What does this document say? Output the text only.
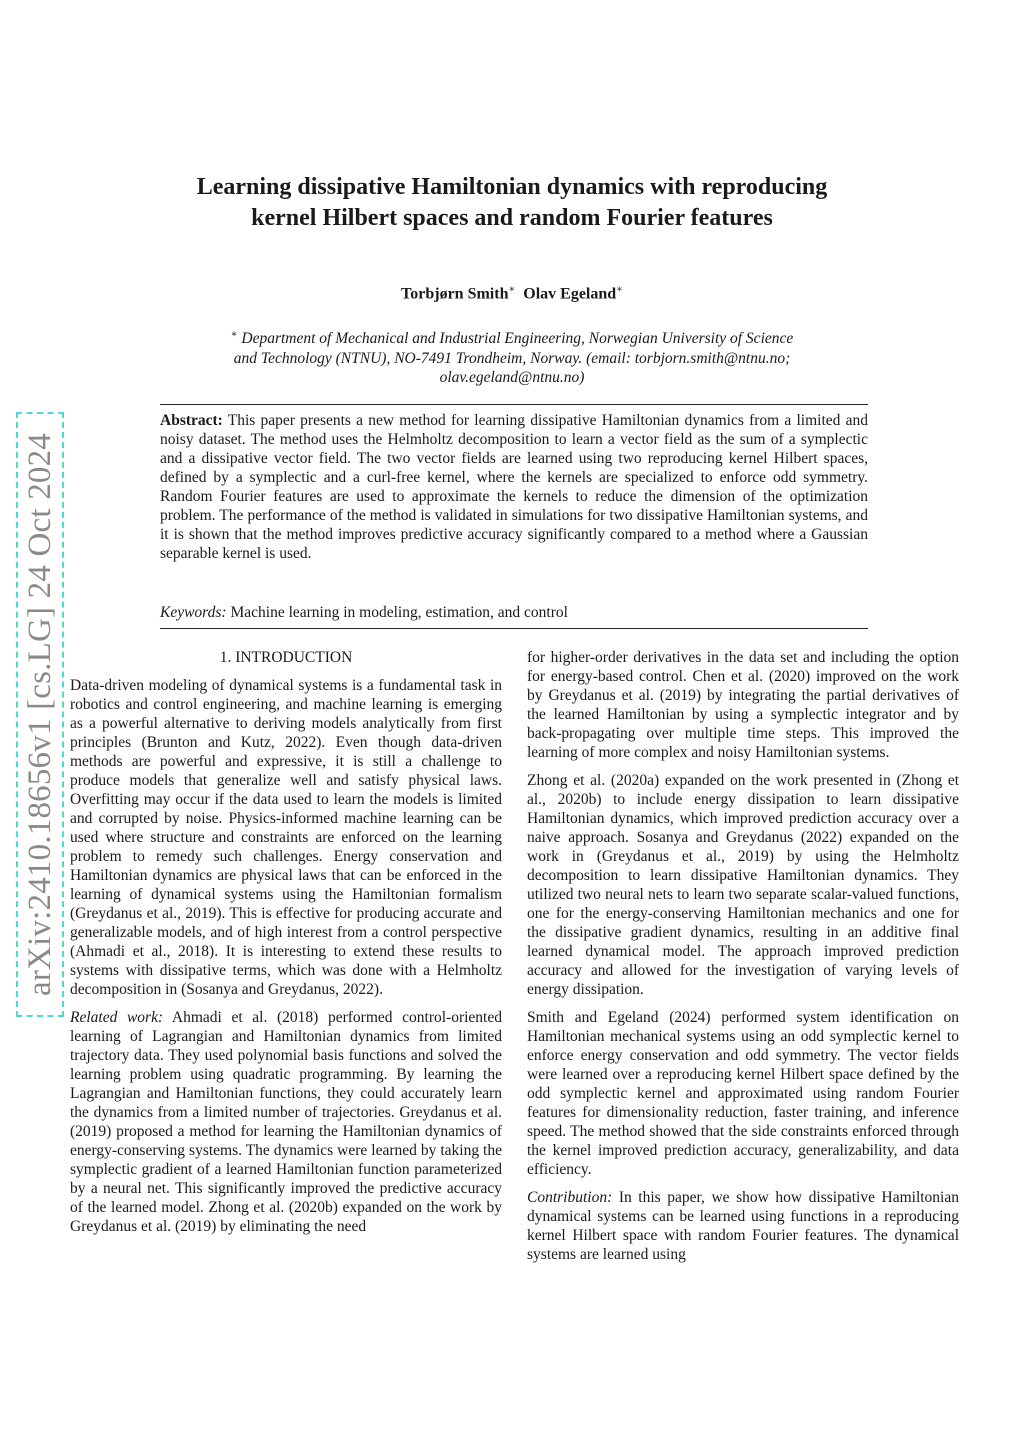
arXiv:2410.18656v1 [cs.LG] 24 Oct 2024
Learning dissipative Hamiltonian dynamics with reproducing kernel Hilbert spaces and random Fourier features

Torbjørn Smith∗ Olav Egeland∗

∗ Department of Mechanical and Industrial Engineering, Norwegian University of Science and Technology (NTNU), NO-7491 Trondheim, Norway. (email: torbjorn.smith@ntnu.no; olav.egeland@ntnu.no)

Abstract: This paper presents a new method for learning dissipative Hamiltonian dynamics from a limited and noisy dataset. The method uses the Helmholtz decomposition to learn a vector field as the sum of a symplectic and a dissipative vector field. The two vector fields are learned using two reproducing kernel Hilbert spaces, defined by a symplectic and a curl-free kernel, where the kernels are specialized to enforce odd symmetry. Random Fourier features are used to approximate the kernels to reduce the dimension of the optimization problem. The performance of the method is validated in simulations for two dissipative Hamiltonian systems, and it is shown that the method improves predictive accuracy significantly compared to a method where a Gaussian separable kernel is used.

Keywords: Machine learning in modeling, estimation, and control

1. INTRODUCTION

Data-driven modeling of dynamical systems is a fundamental task in robotics and control engineering, and machine learning is emerging as a powerful alternative to deriving models analytically from first principles (Brunton and Kutz, 2022). Even though data-driven methods are powerful and expressive, it is still a challenge to produce models that generalize well and satisfy physical laws. Overfitting may occur if the data used to learn the models is limited and corrupted by noise. Physics-informed machine learning can be used where structure and constraints are enforced on the learning problem to remedy such challenges. Energy conservation and Hamiltonian dynamics are physical laws that can be enforced in the learning of dynamical systems using the Hamiltonian formalism (Greydanus et al., 2019). This is effective for producing accurate and generalizable models, and of high interest from a control perspective (Ahmadi et al., 2018). It is interesting to extend these results to systems with dissipative terms, which was done with a Helmholtz decomposition in (Sosanya and Greydanus, 2022).

Related work: Ahmadi et al. (2018) performed control-oriented learning of Lagrangian and Hamiltonian dynamics from limited trajectory data. They used polynomial basis functions and solved the learning problem using quadratic programming. By learning the Lagrangian and Hamiltonian functions, they could accurately learn the dynamics from a limited number of trajectories. Greydanus et al. (2019) proposed a method for learning the Hamiltonian dynamics of energy-conserving systems. The dynamics were learned by taking the symplectic gradient of a learned Hamiltonian function parameterized by a neural net. This significantly improved the predictive accuracy of the learned model. Zhong et al. (2020b) expanded on the work by Greydanus et al. (2019) by eliminating the need

for higher-order derivatives in the data set and including the option for energy-based control. Chen et al. (2020) improved on the work by Greydanus et al. (2019) by integrating the partial derivatives of the learned Hamiltonian by using a symplectic integrator and by back-propagating over multiple time steps. This improved the learning of more complex and noisy Hamiltonian systems.

Zhong et al. (2020a) expanded on the work presented in (Zhong et al., 2020b) to include energy dissipation to learn dissipative Hamiltonian dynamics, which improved prediction accuracy over a naive approach. Sosanya and Greydanus (2022) expanded on the work in (Greydanus et al., 2019) by using the Helmholtz decomposition to learn dissipative Hamiltonian dynamics. They utilized two neural nets to learn two separate scalar-valued functions, one for the energy-conserving Hamiltonian mechanics and one for the dissipative gradient dynamics, resulting in an additive final learned dynamical model. The approach improved prediction accuracy and allowed for the investigation of varying levels of energy dissipation.

Smith and Egeland (2024) performed system identification on Hamiltonian mechanical systems using an odd symplectic kernel to enforce energy conservation and odd symmetry. The vector fields were learned over a reproducing kernel Hilbert space defined by the odd symplectic kernel and approximated using random Fourier features for dimensionality reduction, faster training, and inference speed. The method showed that the side constraints enforced through the kernel improved prediction accuracy, generalizability, and data efficiency.

Contribution: In this paper, we show how dissipative Hamiltonian dynamical systems can be learned using functions in a reproducing kernel Hilbert space with random Fourier features. The dynamical systems are learned using
